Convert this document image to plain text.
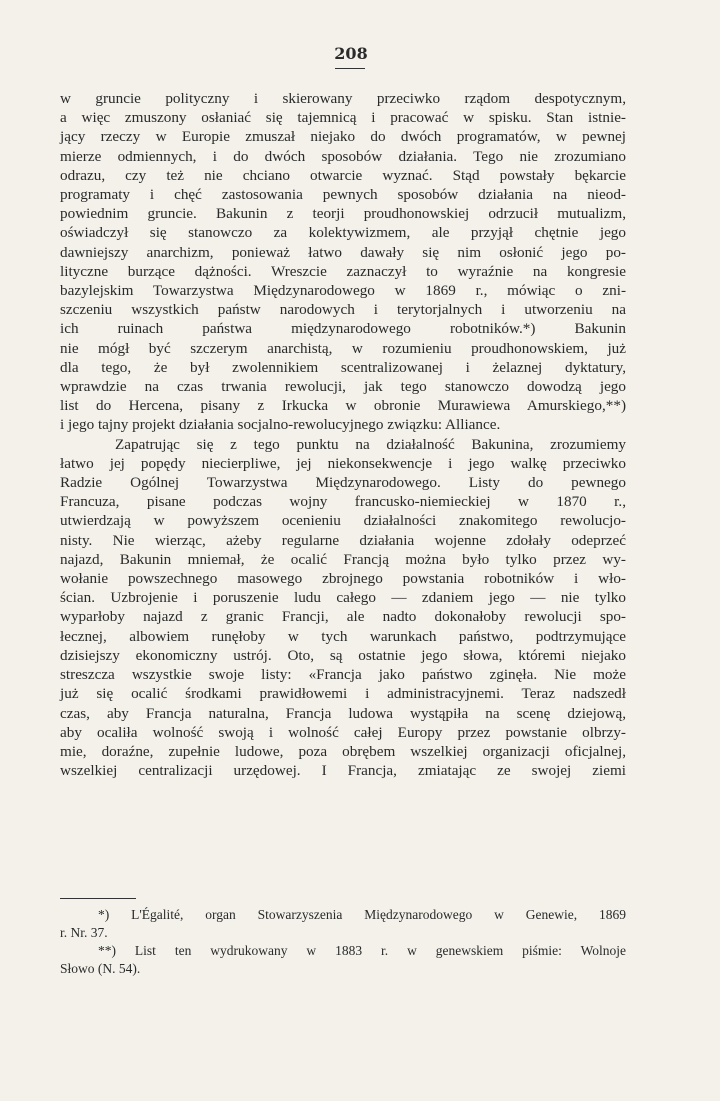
208
w gruncie polityczny i skierowany przeciwko rządom despotycznym,
a więc zmuszony osłaniać się tajemnicą i pracować w spisku. Stan istnie-
jący rzeczy w Europie zmuszał niejako do dwóch programatów, w pewnej
mierze odmiennych, i do dwóch sposobów działania. Tego nie zrozumiano
odrazu, czy też nie chciano otwarcie wyznać. Stąd powstały bękarcie
programaty i chęć zastosowania pewnych sposobów działania na nieod-
powiednim gruncie. Bakunin z teorji proudhonowskiej odrzucił mutualizm,
oświadczył się stanowczo za kolektywizmem, ale przyjął chętnie jego
dawniejszy anarchizm, ponieważ łatwo dawały się nim osłonić jego po-
lityczne burzące dążności. Wreszcie zaznaczył to wyraźnie na kongresie
bazylejskim Towarzystwa Międzynarodowego w 1869 r., mówiąc o zni-
szczeniu wszystkich państw narodowych i terytorjalnych i utworzeniu na
ich ruinach państwa międzynarodowego robotników.*) Bakunin
nie mógł być szczerym anarchistą, w rozumieniu proudhonowskiem, już
dla tego, że był zwolennikiem scentralizowanej i żelaznej dyktatury,
wprawdzie na czas trwania rewolucji, jak tego stanowczo dowodzą jego
list do Hercena, pisany z Irkucka w obronie Murawiewa Amurskiego,**)
i jego tajny projekt działania socjalno-rewolucyjnego związku: Alliance.
Zapatrując się z tego punktu na działalność Bakunina, zrozumiemy
łatwo jej popędy niecierpliwe, jej niekonsekwencje i jego walkę przeciwko
Radzie Ogólnej Towarzystwa Międzynarodowego. Listy do pewnego
Francuza, pisane podczas wojny francusko-niemieckiej w 1870 r.,
utwierdzają w powyższem ocenieniu działalności znakomitego rewolucjo-
nisty. Nie wierząc, ażeby regularne działania wojenne zdołały odeprzeć
najazd, Bakunin mniemał, że ocalić Francją można było tylko przez wy-
wołanie powszechnego masowego zbrojnego powstania robotników i wło-
ścian. Uzbrojenie i poruszenie ludu całego — zdaniem jego — nie tylko
wyparłoby najazd z granic Francji, ale nadto dokonałoby rewolucji spo-
łecznej, albowiem runęłoby w tych warunkach państwo, podtrzymujące
dzisiejszy ekonomiczny ustrój. Oto, są ostatnie jego słowa, któremi niejako
streszcza wszystkie swoje listy: «Francja jako państwo zginęła. Nie może
już się ocalić środkami prawidłowemi i administracyjnemi. Teraz nadszedł
czas, aby Francja naturalna, Francja ludowa wystąpiła na scenę dziejową,
aby ocaliła wolność swoją i wolność całej Europy przez powstanie olbrzy-
mie, doraźne, zupełnie ludowe, poza obrębem wszelkiej organizacji oficjalnej,
wszelkiej centralizacji urzędowej. I Francja, zmiatając ze swojej ziemi
*) L'Égalité, organ Stowarzyszenia Międzynarodowego w Genewie, 1869
r. Nr. 37.
**) List ten wydrukowany w 1883 r. w genewskiem piśmie: Wolnoje
Słowo (N. 54).
